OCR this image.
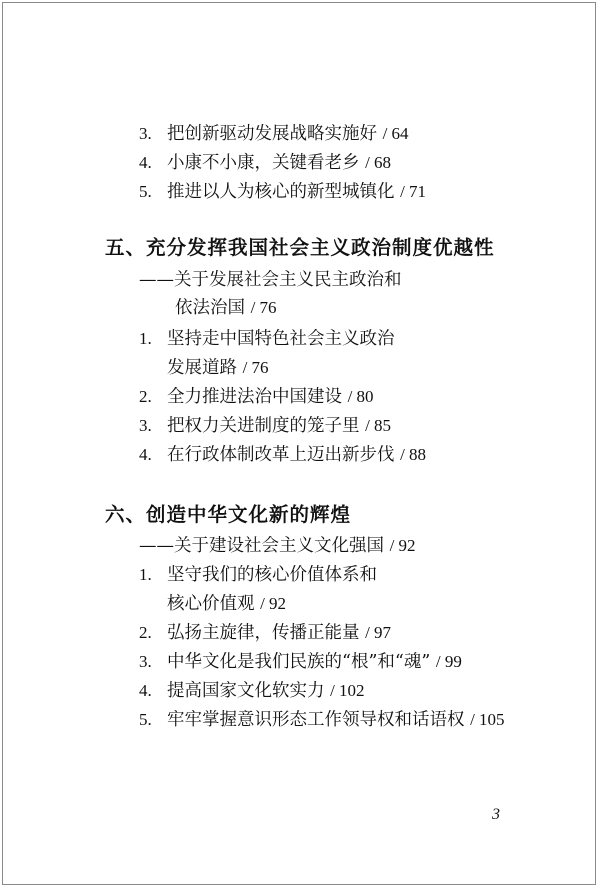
3. 把创新驱动发展战略实施好 / 64
4. 小康不小康，关键看老乡 / 68
5. 推进以人为核心的新型城镇化 / 71
五、充分发挥我国社会主义政治制度优越性
——关于发展社会主义民主政治和
依法治国 / 76
1. 坚持走中国特色社会主义政治
发展道路 / 76
2. 全力推进法治中国建设 / 80
3. 把权力关进制度的笼子里 / 85
4. 在行政体制改革上迈出新步伐 / 88
六、创造中华文化新的辉煌
——关于建设社会主义文化强国 / 92
1. 坚守我们的核心价值体系和
核心价值观 / 92
2. 弘扬主旋律，传播正能量 / 97
3. 中华文化是我们民族的“根”和“魂” / 99
4. 提高国家文化软实力 / 102
5. 牢牢掌握意识形态工作领导权和话语权 / 105
3
